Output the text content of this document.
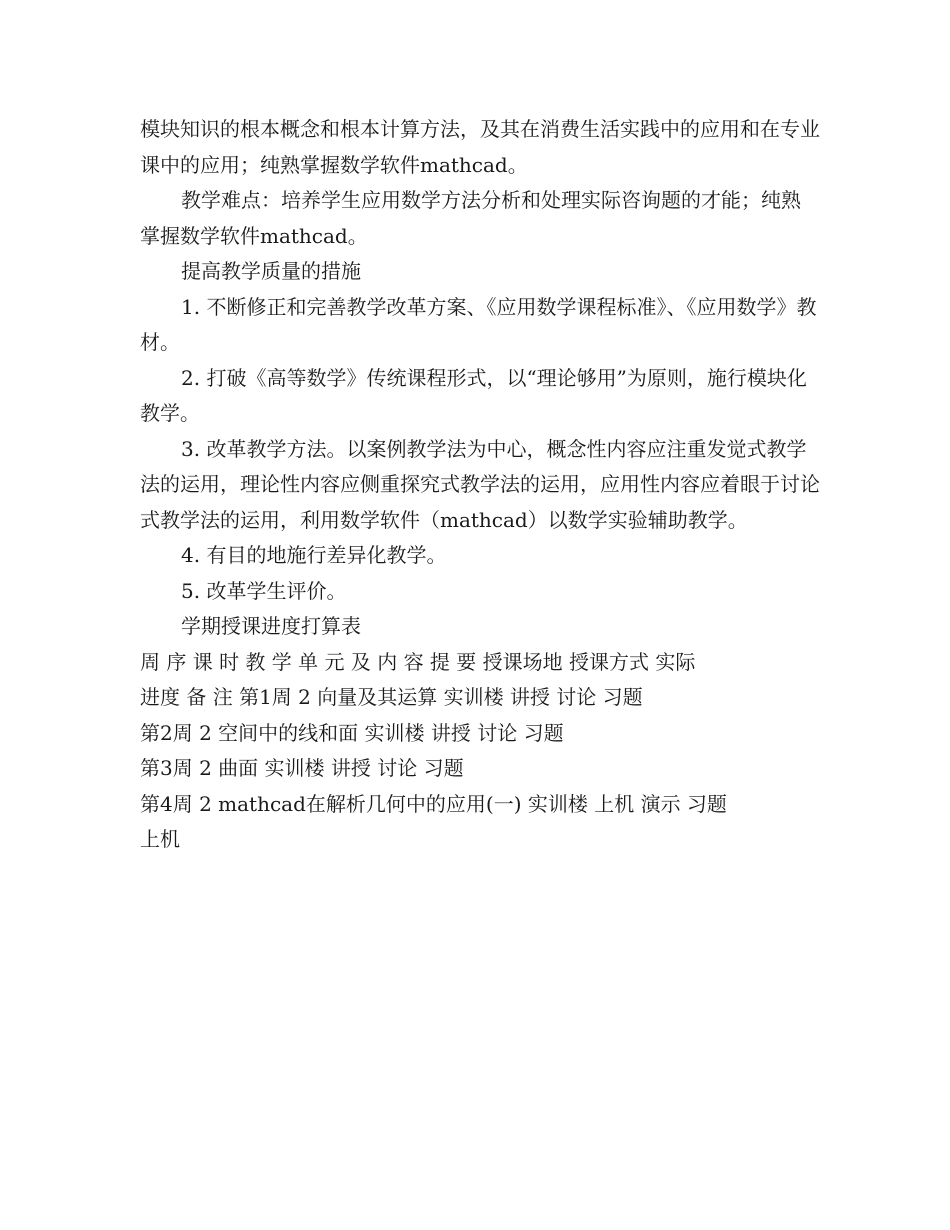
模块知识的根本概念和根本计算方法，及其在消费生活实践中的应用和在专业课中的应用；纯熟掌握数学软件mathcad。

教学难点：培养学生应用数学方法分析和处理实际咨询题的才能；纯熟掌握数学软件mathcad。

提高教学质量的措施

1. 不断修正和完善教学改革方案、《应用数学课程标准》、《应用数学》教材。

2. 打破《高等数学》传统课程形式，以“理论够用”为原则，施行模块化教学。

3. 改革教学方法。以案例教学法为中心，概念性内容应注重发觉式教学法的运用，理论性内容应侧重探究式教学法的运用，应用性内容应着眼于讨论式教学法的运用，利用数学软件（mathcad）以数学实验辅助教学。

4. 有目的地施行差异化教学。

5. 改革学生评价。

学期授课进度打算表

周 序 课 时 教 学 单 元 及 内 容 提 要 授课场地 授课方式 实际
进度 备 注 第1周 2 向量及其运算 实训楼 讲授 讨论 习题
第2周 2 空间中的线和面 实训楼 讲授 讨论 习题
第3周 2 曲面 实训楼 讲授 讨论 习题
第4周 2 mathcad在解析几何中的应用(一) 实训楼 上机 演示 习题
上机
